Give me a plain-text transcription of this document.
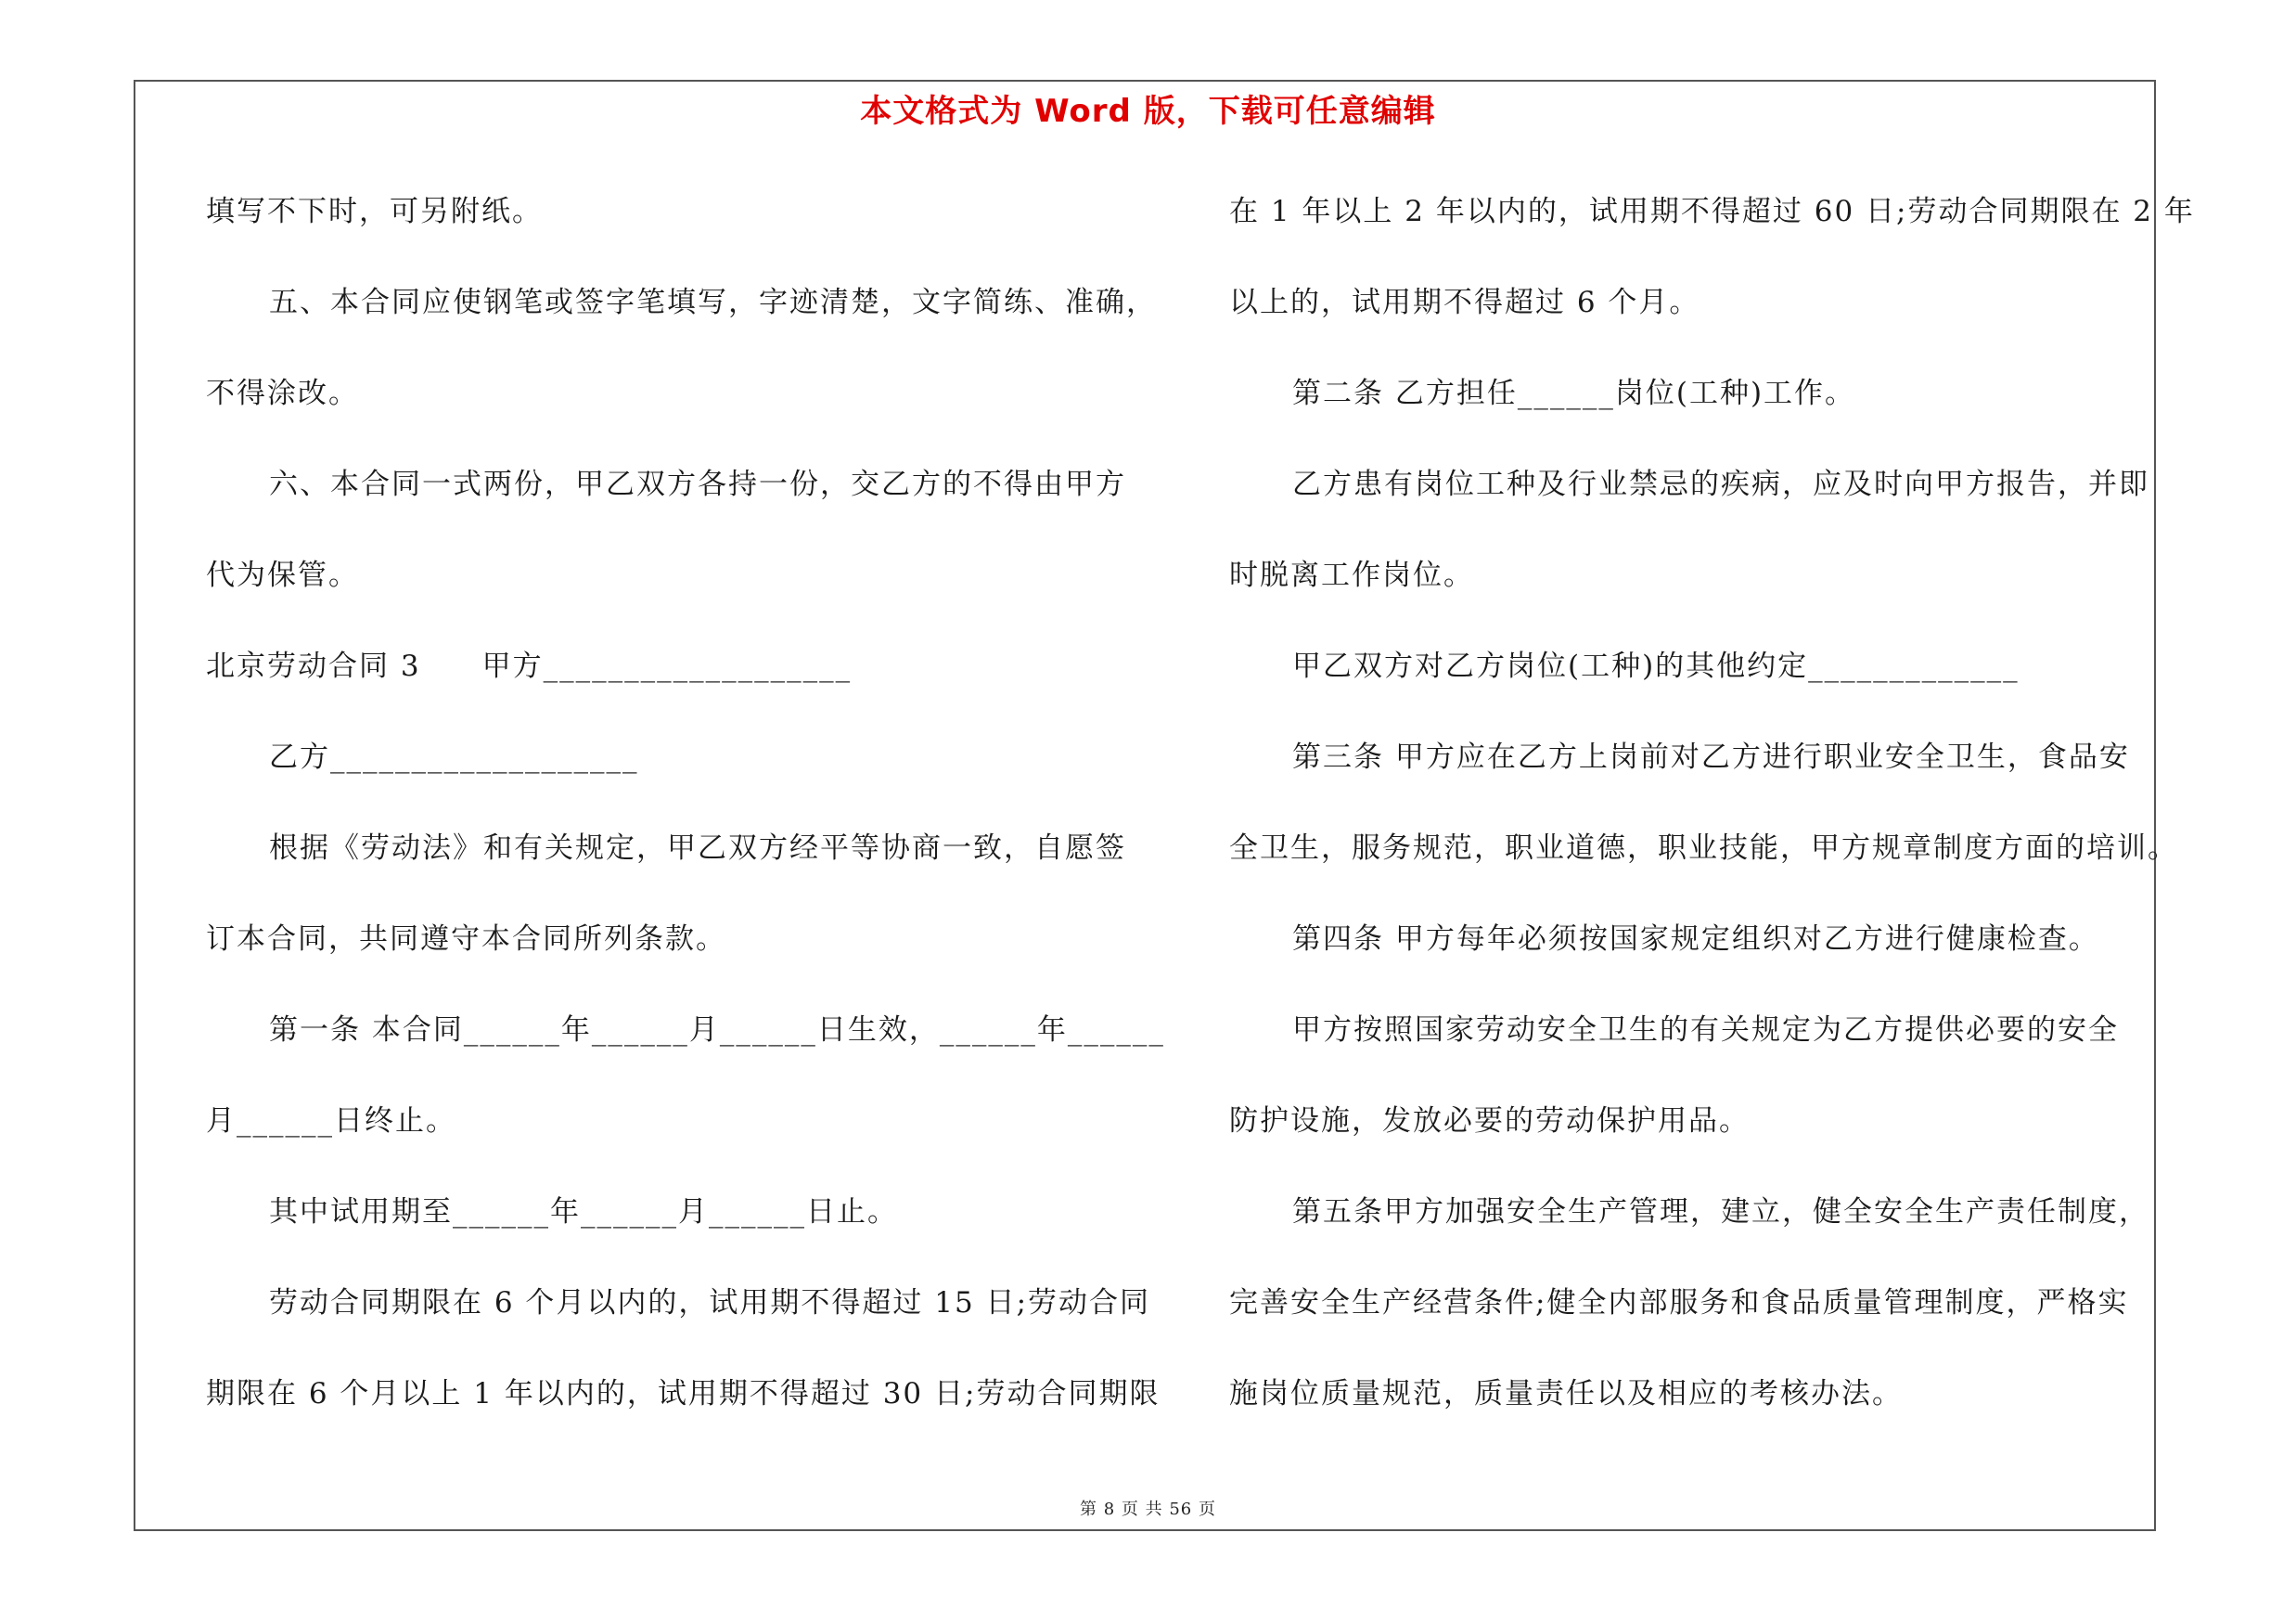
本文格式为 Word 版，下载可任意编辑
填写不下时，可另附纸。
五、本合同应使钢笔或签字笔填写，字迹清楚，文字简练、准确，
不得涂改。
六、本合同一式两份，甲乙双方各持一份，交乙方的不得由甲方
代为保管。
北京劳动合同 3　　甲方___________________
乙方___________________
根据《劳动法》和有关规定，甲乙双方经平等协商一致，自愿签
订本合同，共同遵守本合同所列条款。
第一条 本合同______年______月______日生效，______年______
月______日终止。
其中试用期至______年______月______日止。
劳动合同期限在 6 个月以内的，试用期不得超过 15 日;劳动合同
期限在 6 个月以上 1 年以内的，试用期不得超过 30 日;劳动合同期限
在 1 年以上 2 年以内的，试用期不得超过 60 日;劳动合同期限在 2 年
以上的，试用期不得超过 6 个月。
第二条 乙方担任______岗位(工种)工作。
乙方患有岗位工种及行业禁忌的疾病，应及时向甲方报告，并即
时脱离工作岗位。
甲乙双方对乙方岗位(工种)的其他约定_____________
第三条 甲方应在乙方上岗前对乙方进行职业安全卫生，食品安
全卫生，服务规范，职业道德，职业技能，甲方规章制度方面的培训。
第四条 甲方每年必须按国家规定组织对乙方进行健康检查。
甲方按照国家劳动安全卫生的有关规定为乙方提供必要的安全
防护设施，发放必要的劳动保护用品。
第五条甲方加强安全生产管理，建立，健全安全生产责任制度，
完善安全生产经营条件;健全内部服务和食品质量管理制度，严格实
施岗位质量规范，质量责任以及相应的考核办法。
第 8 页 共 56 页
